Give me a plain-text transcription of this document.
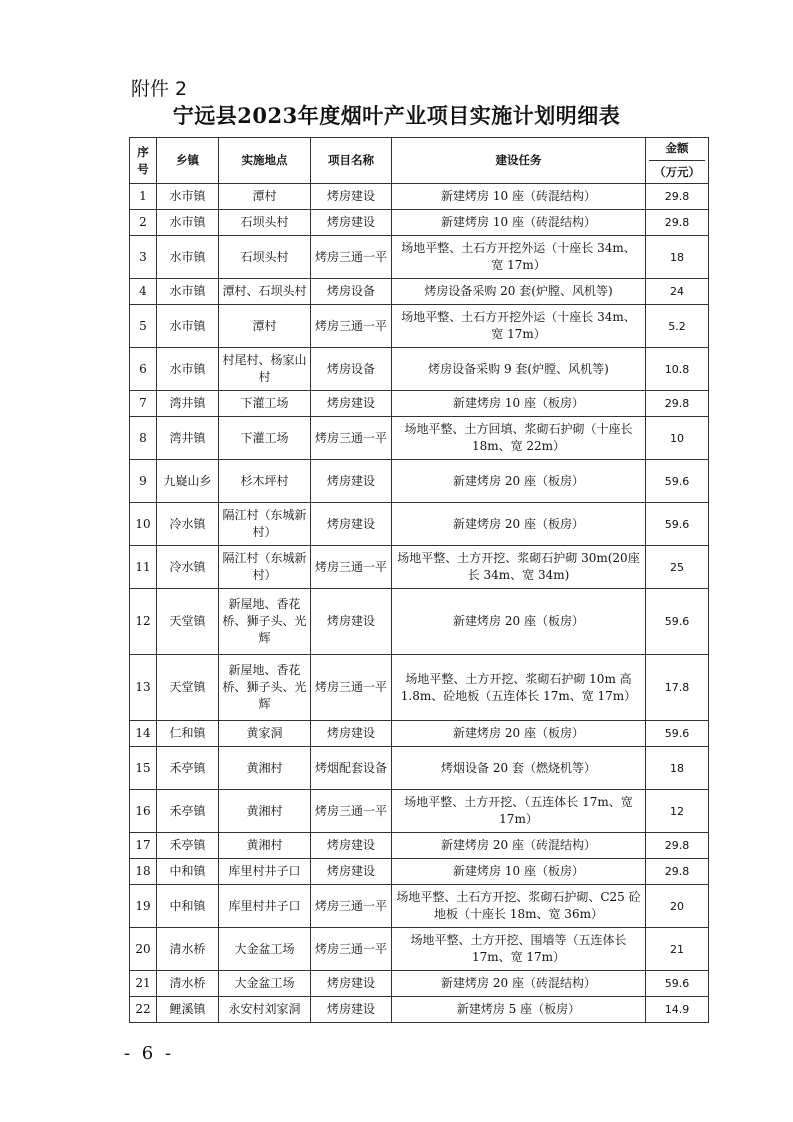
附件 2
宁远县2023年度烟叶产业项目实施计划明细表
序号	乡镇	实施地点	项目名称	建设任务	金额
（万元）
1	水市镇	潭村	烤房建设	新建烤房 10 座（砖混结构）	29.8
2	水市镇	石坝头村	烤房建设	新建烤房 10 座（砖混结构）	29.8
3	水市镇	石坝头村	烤房三通一平	场地平整、土石方开挖外运（十座长 34m、宽 17m）	18
4	水市镇	潭村、石坝头村	烤房设备	烤房设备采购 20 套(炉膛、风机等)	24
5	水市镇	潭村	烤房三通一平	场地平整、土石方开挖外运（十座长 34m、宽 17m）	5.2
6	水市镇	村尾村、杨家山村	烤房设备	烤房设备采购 9 套(炉膛、风机等)	10.8
7	湾井镇	下灌工场	烤房建设	新建烤房 10 座（板房）	29.8
8	湾井镇	下灌工场	烤房三通一平	场地平整、土方回填、浆砌石护砌（十座长 18m、宽 22m）	10
9	九嶷山乡	杉木坪村	烤房建设	新建烤房 20 座（板房）	59.6
10	冷水镇	隔江村（东城新村）	烤房建设	新建烤房 20 座（板房）	59.6
11	冷水镇	隔江村（东城新村）	烤房三通一平	场地平整、土方开挖、浆砌石护砌 30m(20座长 34m、宽 34m)	25
12	天堂镇	新屋地、香花桥、狮子头、光辉	烤房建设	新建烤房 20 座（板房）	59.6
13	天堂镇	新屋地、香花桥、狮子头、光辉	烤房三通一平	场地平整、土方开挖、浆砌石护砌 10m 高 1.8m、砼地板（五连体长 17m、宽 17m）	17.8
14	仁和镇	黄家洞	烤房建设	新建烤房 20 座（板房）	59.6
15	禾亭镇	黄湘村	烤烟配套设备	烤烟设备 20 套（燃烧机等）	18
16	禾亭镇	黄湘村	烤房三通一平	场地平整、土方开挖、（五连体长 17m、宽 17m）	12
17	禾亭镇	黄湘村	烤房建设	新建烤房 20 座（砖混结构）	29.8
18	中和镇	库里村井子口	烤房建设	新建烤房 10 座（板房）	29.8
19	中和镇	库里村井子口	烤房三通一平	场地平整、土石方开挖、浆砌石护砌、C25 砼地板（十座长 18m、宽 36m）	20
20	清水桥	大金盆工场	烤房三通一平	场地平整、土方开挖、围墙等（五连体长 17m、宽 17m）	21
21	清水桥	大金盆工场	烤房建设	新建烤房 20 座（砖混结构）	59.6
22	鲤溪镇	永安村刘家洞	烤房建设	新建烤房 5 座（板房）	14.9
- 6 -
